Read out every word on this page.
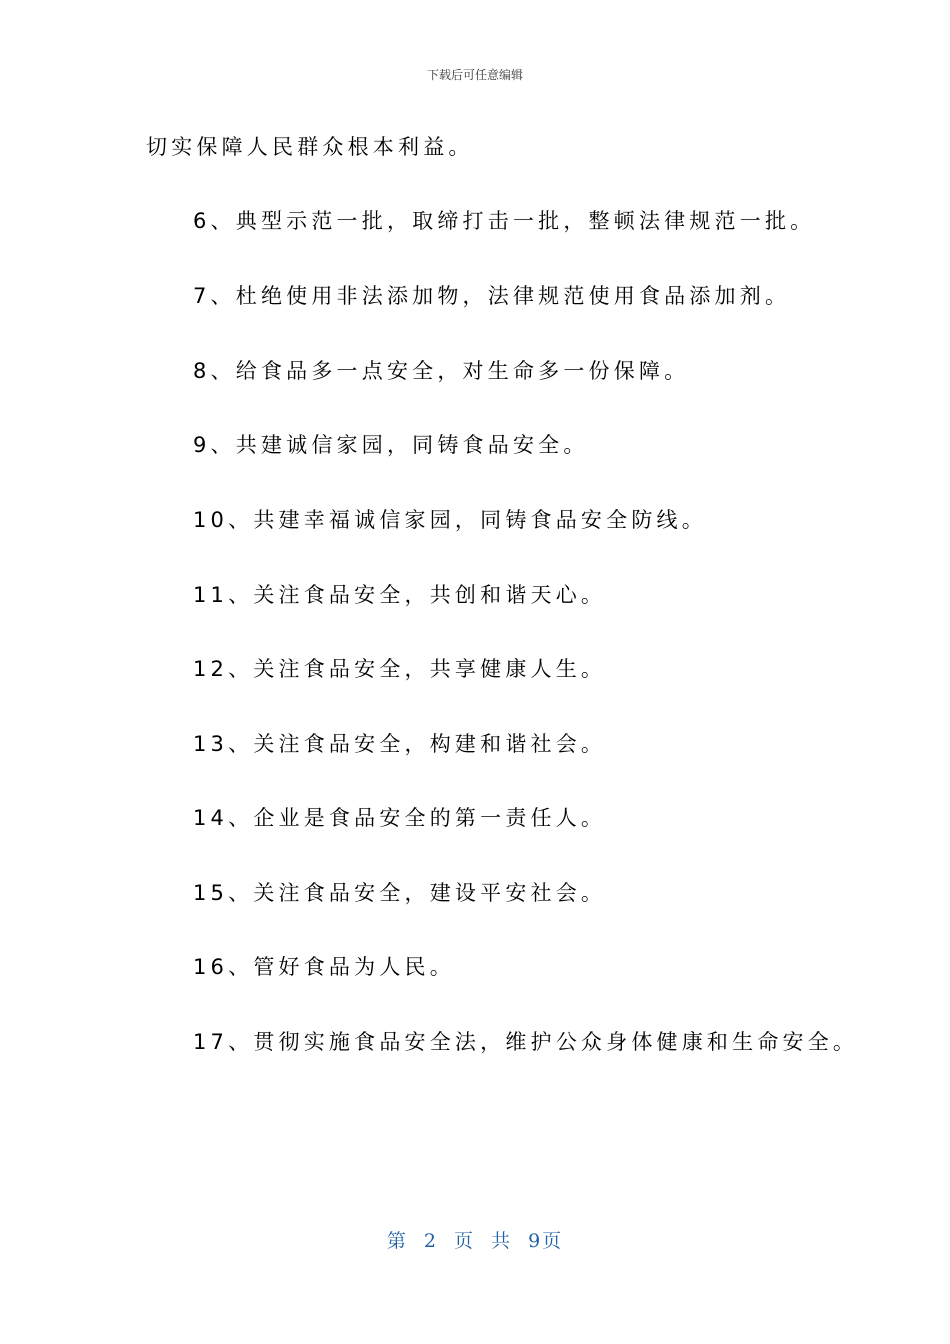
下载后可任意编辑
切实保障人民群众根本利益。
6、典型示范一批，取缔打击一批，整顿法律规范一批。
7、杜绝使用非法添加物，法律规范使用食品添加剂。
8、给食品多一点安全，对生命多一份保障。
9、共建诚信家园，同铸食品安全。
10、共建幸福诚信家园，同铸食品安全防线。
11、关注食品安全，共创和谐天心。
12、关注食品安全，共享健康人生。
13、关注食品安全，构建和谐社会。
14、企业是食品安全的第一责任人。
15、关注食品安全，建设平安社会。
16、管好食品为人民。
17、贯彻实施食品安全法，维护公众身体健康和生命安全。
第 2 页 共 9页
